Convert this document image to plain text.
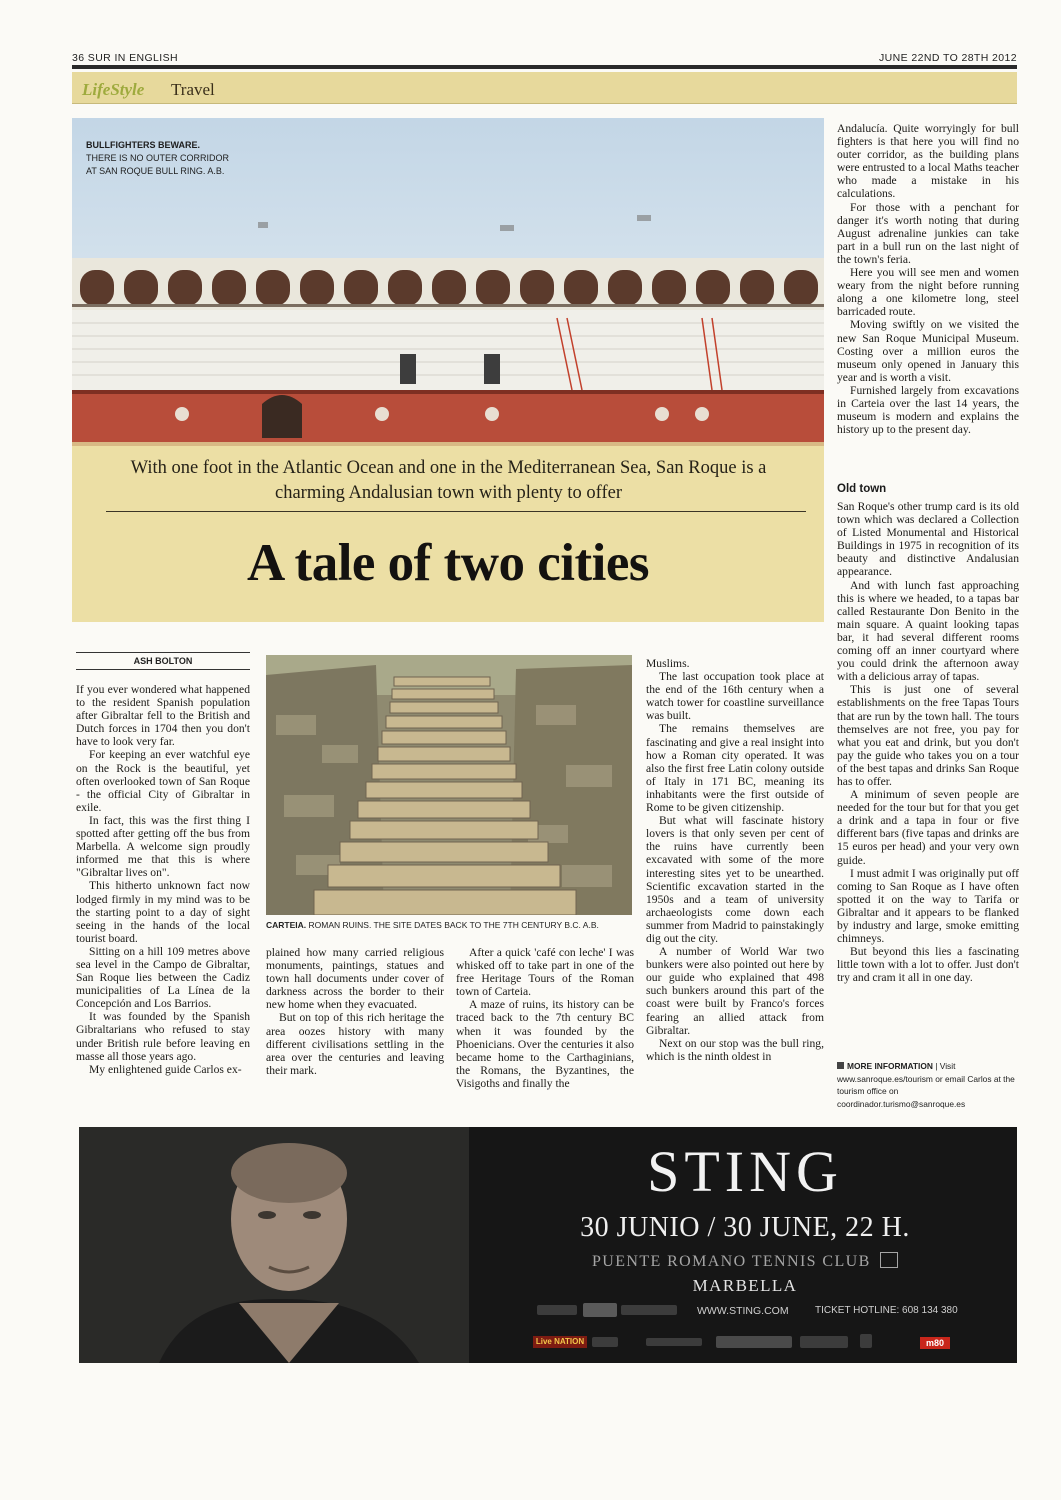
36 SUR IN ENGLISH	JUNE 22ND TO 28TH 2012
LifeStyle Travel
BULLFIGHTERS BEWARE.
THERE IS NO OUTER CORRIDOR AT SAN ROQUE BULL RING. A.B.
With one foot in the Atlantic Ocean and one in the Mediterranean Sea, San Roque is a charming Andalusian town with plenty to offer
A tale of two cities
ASH BOLTON

If you ever wondered what happened to the resident Spanish population after Gibraltar fell to the British and Dutch forces in 1704 then you don't have to look very far.

For keeping an ever watchful eye on the Rock is the beautiful, yet often overlooked town of San Roque - the official City of Gibraltar in exile.

In fact, this was the first thing I spotted after getting off the bus from Marbella. A welcome sign proudly informed me that this is where "Gibraltar lives on".

This hitherto unknown fact now lodged firmly in my mind was to be the starting point to a day of sight seeing in the hands of the local tourist board.

Sitting on a hill 109 metres above sea level in the Campo de Gibraltar, San Roque lies between the Cadiz municipalities of La Línea de la Concepción and Los Barrios.

It was founded by the Spanish Gibraltarians who refused to stay under British rule before leaving en masse all those years ago.

My enlightened guide Carlos ex-

CARTEIA. ROMAN RUINS. THE SITE DATES BACK TO THE 7TH CENTURY B.C. A.B.

plained how many carried religious monuments, paintings, statues and town hall documents under cover of darkness across the border to their new home when they evacuated.

But on top of this rich heritage the area oozes history with many different civilisations settling in the area over the centuries and leaving their mark.

After a quick 'café con leche' I was whisked off to take part in one of the free Heritage Tours of the Roman town of Carteia.

A maze of ruins, its history can be traced back to the 7th century BC when it was founded by the Phoenicians. Over the centuries it also became home to the Carthaginians, the Romans, the Byzantines, the Visigoths and finally the

Muslims.

The last occupation took place at the end of the 16th century when a watch tower for coastline surveillance was built.

The remains themselves are fascinating and give a real insight into how a Roman city operated. It was also the first free Latin colony outside of Italy in 171 BC, meaning its inhabitants were the first outside of Rome to be given citizenship.

But what will fascinate history lovers is that only seven per cent of the ruins have currently been excavated with some of the more interesting sites yet to be unearthed. Scientific excavation started in the 1950s and a team of university archaeologists come down each summer from Madrid to painstakingly dig out the city.

A number of World War two bunkers were also pointed out here by our guide who explained that 498 such bunkers around this part of the coast were built by Franco's forces fearing an allied attack from Gibraltar.

Next on our stop was the bull ring, which is the ninth oldest in

Andalucía. Quite worryingly for bull fighters is that here you will find no outer corridor, as the building plans were entrusted to a local Maths teacher who made a mistake in his calculations.

For those with a penchant for danger it's worth noting that during August adrenaline junkies can take part in a bull run on the last night of the town's feria.

Here you will see men and women weary from the night before running along a one kilometre long, steel barricaded route.

Moving swiftly on we visited the new San Roque Municipal Museum. Costing over a million euros the museum only opened in January this year and is worth a visit.

Furnished largely from excavations in Carteia over the last 14 years, the museum is modern and explains the history up to the present day.

Old town

San Roque's other trump card is its old town which was declared a Collection of Listed Monumental and Historical Buildings in 1975 in recognition of its beauty and distinctive Andalusian appearance.

And with lunch fast approaching this is where we headed, to a tapas bar called Restaurante Don Benito in the main square. A quaint looking tapas bar, it had several different rooms coming off an inner courtyard where you could drink the afternoon away with a delicious array of tapas.

This is just one of several establishments on the free Tapas Tours that are run by the town hall. The tours themselves are not free, you pay for what you eat and drink, but you don't pay the guide who takes you on a tour of the best tapas and drinks San Roque has to offer.

A minimum of seven people are needed for the tour but for that you get a drink and a tapa in four or five different bars (five tapas and drinks are 15 euros per head) and your very own guide.

I must admit I was originally put off coming to San Roque as I have often spotted it on the way to Tarifa or Gibraltar and it appears to be flanked by industry and large, smoke emitting chimneys.

But beyond this lies a fascinating little town with a lot to offer. Just don't try and cram it all in one day.

MORE INFORMATION | Visit www.sanroque.es/tourism or email Carlos at the tourism office on coordinador.turismo@sanroque.es
STING
30 JUNIO / 30 JUNE, 22 H.
PUENTE ROMANO TENNIS CLUB
MARBELLA
WWW.STING.COM	TICKET HOTLINE: 608 134 380
Live NATION	m80
